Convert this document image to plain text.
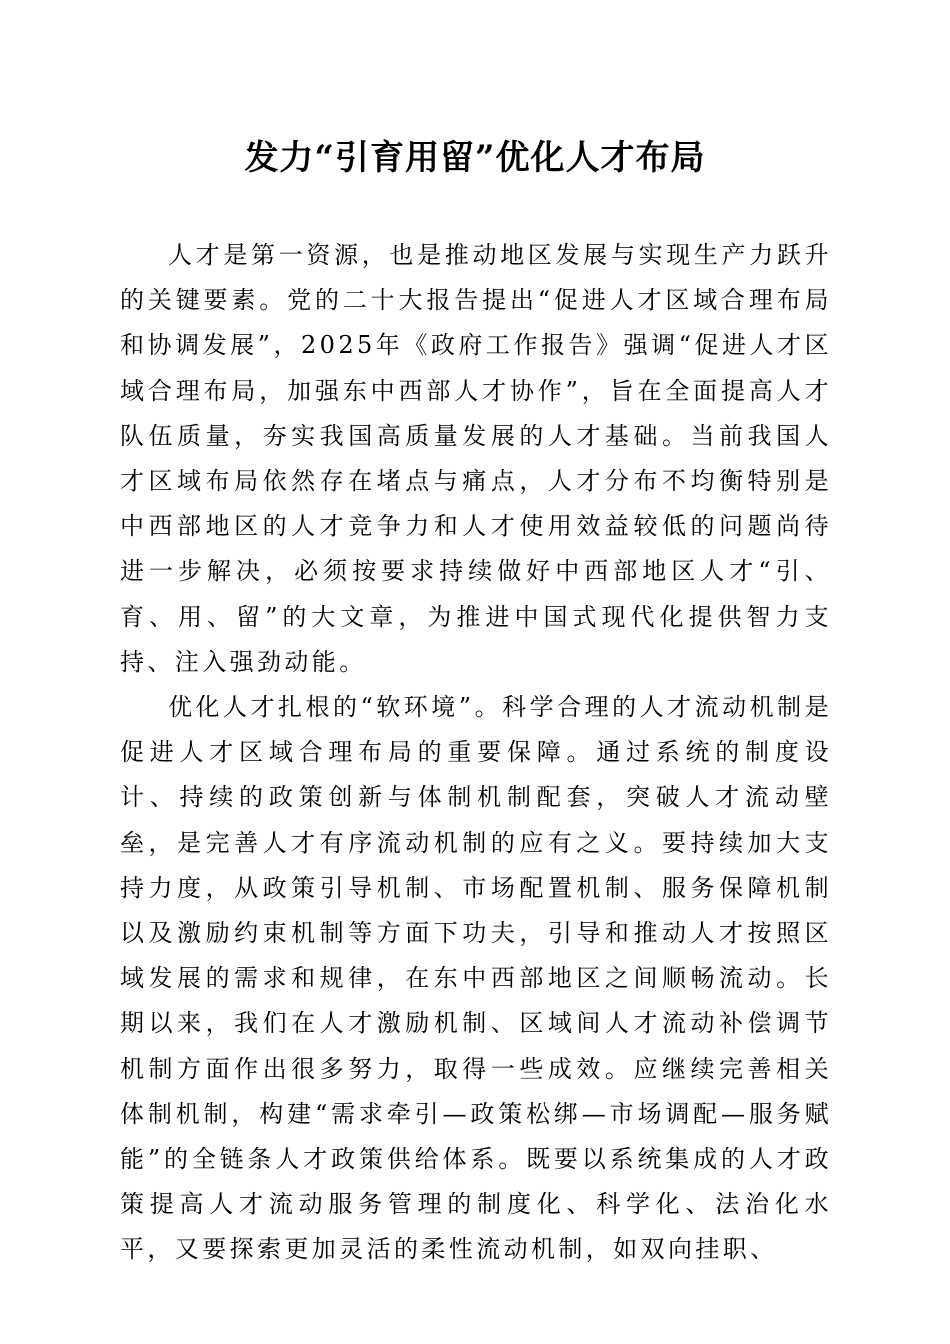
发力“引育用留”优化人才布局

人才是第一资源，也是推动地区发展与实现生产力跃升的关键要素。党的二十大报告提出“促进人才区域合理布局和协调发展”，2025年《政府工作报告》强调“促进人才区域合理布局，加强东中西部人才协作”，旨在全面提高人才队伍质量，夯实我国高质量发展的人才基础。当前我国人才区域布局依然存在堵点与痛点，人才分布不均衡特别是中西部地区的人才竞争力和人才使用效益较低的问题尚待进一步解决，必须按要求持续做好中西部地区人才“引、育、用、留”的大文章，为推进中国式现代化提供智力支持、注入强劲动能。

优化人才扎根的“软环境”。科学合理的人才流动机制是促进人才区域合理布局的重要保障。通过系统的制度设计、持续的政策创新与体制机制配套，突破人才流动壁垒，是完善人才有序流动机制的应有之义。要持续加大支持力度，从政策引导机制、市场配置机制、服务保障机制以及激励约束机制等方面下功夫，引导和推动人才按照区域发展的需求和规律，在东中西部地区之间顺畅流动。长期以来，我们在人才激励机制、区域间人才流动补偿调节机制方面作出很多努力，取得一些成效。应继续完善相关体制机制，构建“需求牵引—政策松绑—市场调配—服务赋能”的全链条人才政策供给体系。既要以系统集成的人才政策提高人才流动服务管理的制度化、科学化、法治化水平，又要探索更加灵活的柔性流动机制，如双向挂职、
